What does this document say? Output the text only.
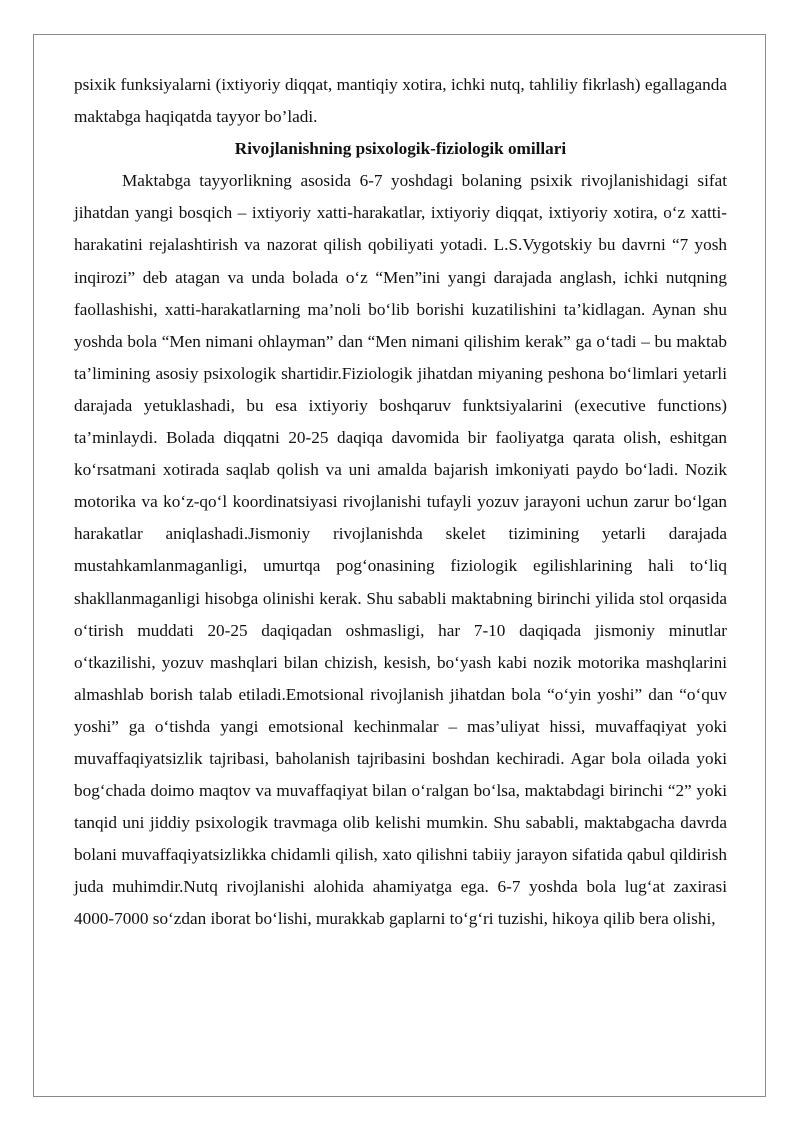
psixik funksiyalarni (ixtiyoriy diqqat, mantiqiy xotira, ichki nutq, tahliliy fikrlash) egallaganda maktabga haqiqatda tayyor bo’ladi.

Rivojlanishning psixologik-fiziologik omillari

Maktabga tayyorlikning asosida 6-7 yoshdagi bolaning psixik rivojlanishidagi sifat jihatdan yangi bosqich – ixtiyoriy xatti-harakatlar, ixtiyoriy diqqat, ixtiyoriy xotira, o‘z xatti-harakatini rejalashtirish va nazorat qilish qobiliyati yotadi. L.S.Vygotskiy bu davrni “7 yosh inqirozi” deb atagan va unda bolada o‘z “Men”ini yangi darajada anglash, ichki nutqning faollashishi, xatti-harakatlarning ma’noli bo‘lib borishi kuzatilishini ta’kidlagan. Aynan shu yoshda bola “Men nimani ohlayman” dan “Men nimani qilishim kerak” ga o‘tadi – bu maktab ta’limining asosiy psixologik shartidir.Fiziologik jihatdan miyaning peshona bo‘limlari yetarli darajada yetuklashadi, bu esa ixtiyoriy boshqaruv funktsiyalarini (executive functions) ta’minlaydi. Bolada diqqatni 20-25 daqiqa davomida bir faoliyatga qarata olish, eshitgan ko‘rsatmani xotirada saqlab qolish va uni amalda bajarish imkoniyati paydo bo‘ladi. Nozik motorika va ko‘z-qo‘l koordinatsiyasi rivojlanishi tufayli yozuv jarayoni uchun zarur bo‘lgan harakatlar aniqlashadi.Jismoniy rivojlanishda skelet tizimining yetarli darajada mustahkamlanmaganligi, umurtqa pog‘onasining fiziologik egilishlarining hali to‘liq shakllanmaganligi hisobga olinishi kerak. Shu sababli maktabning birinchi yilida stol orqasida o‘tirish muddati 20-25 daqiqadan oshmasligi, har 7-10 daqiqada jismoniy minutlar o‘tkazilishi, yozuv mashqlari bilan chizish, kesish, bo‘yash kabi nozik motorika mashqlarini almashlab borish talab etiladi.Emotsional rivojlanish jihatdan bola “o‘yin yoshi” dan “o‘quv yoshi” ga o‘tishda yangi emotsional kechinmalar – mas’uliyat hissi, muvaffaqiyat yoki muvaffaqiyatsizlik tajribasi, baholanish tajribasini boshdan kechiradi. Agar bola oilada yoki bog‘chada doimo maqtov va muvaffaqiyat bilan o‘ralgan bo‘lsa, maktabdagi birinchi “2” yoki tanqid uni jiddiy psixologik travmaga olib kelishi mumkin. Shu sababli, maktabgacha davrda bolani muvaffaqiyatsizlikka chidamli qilish, xato qilishni tabiiy jarayon sifatida qabul qildirish juda muhimdir.Nutq rivojlanishi alohida ahamiyatga ega. 6-7 yoshda bola lug‘at zaxirasi 4000-7000 so‘zdan iborat bo‘lishi, murakkab gaplarni to‘g‘ri tuzishi, hikoya qilib bera olishi,
